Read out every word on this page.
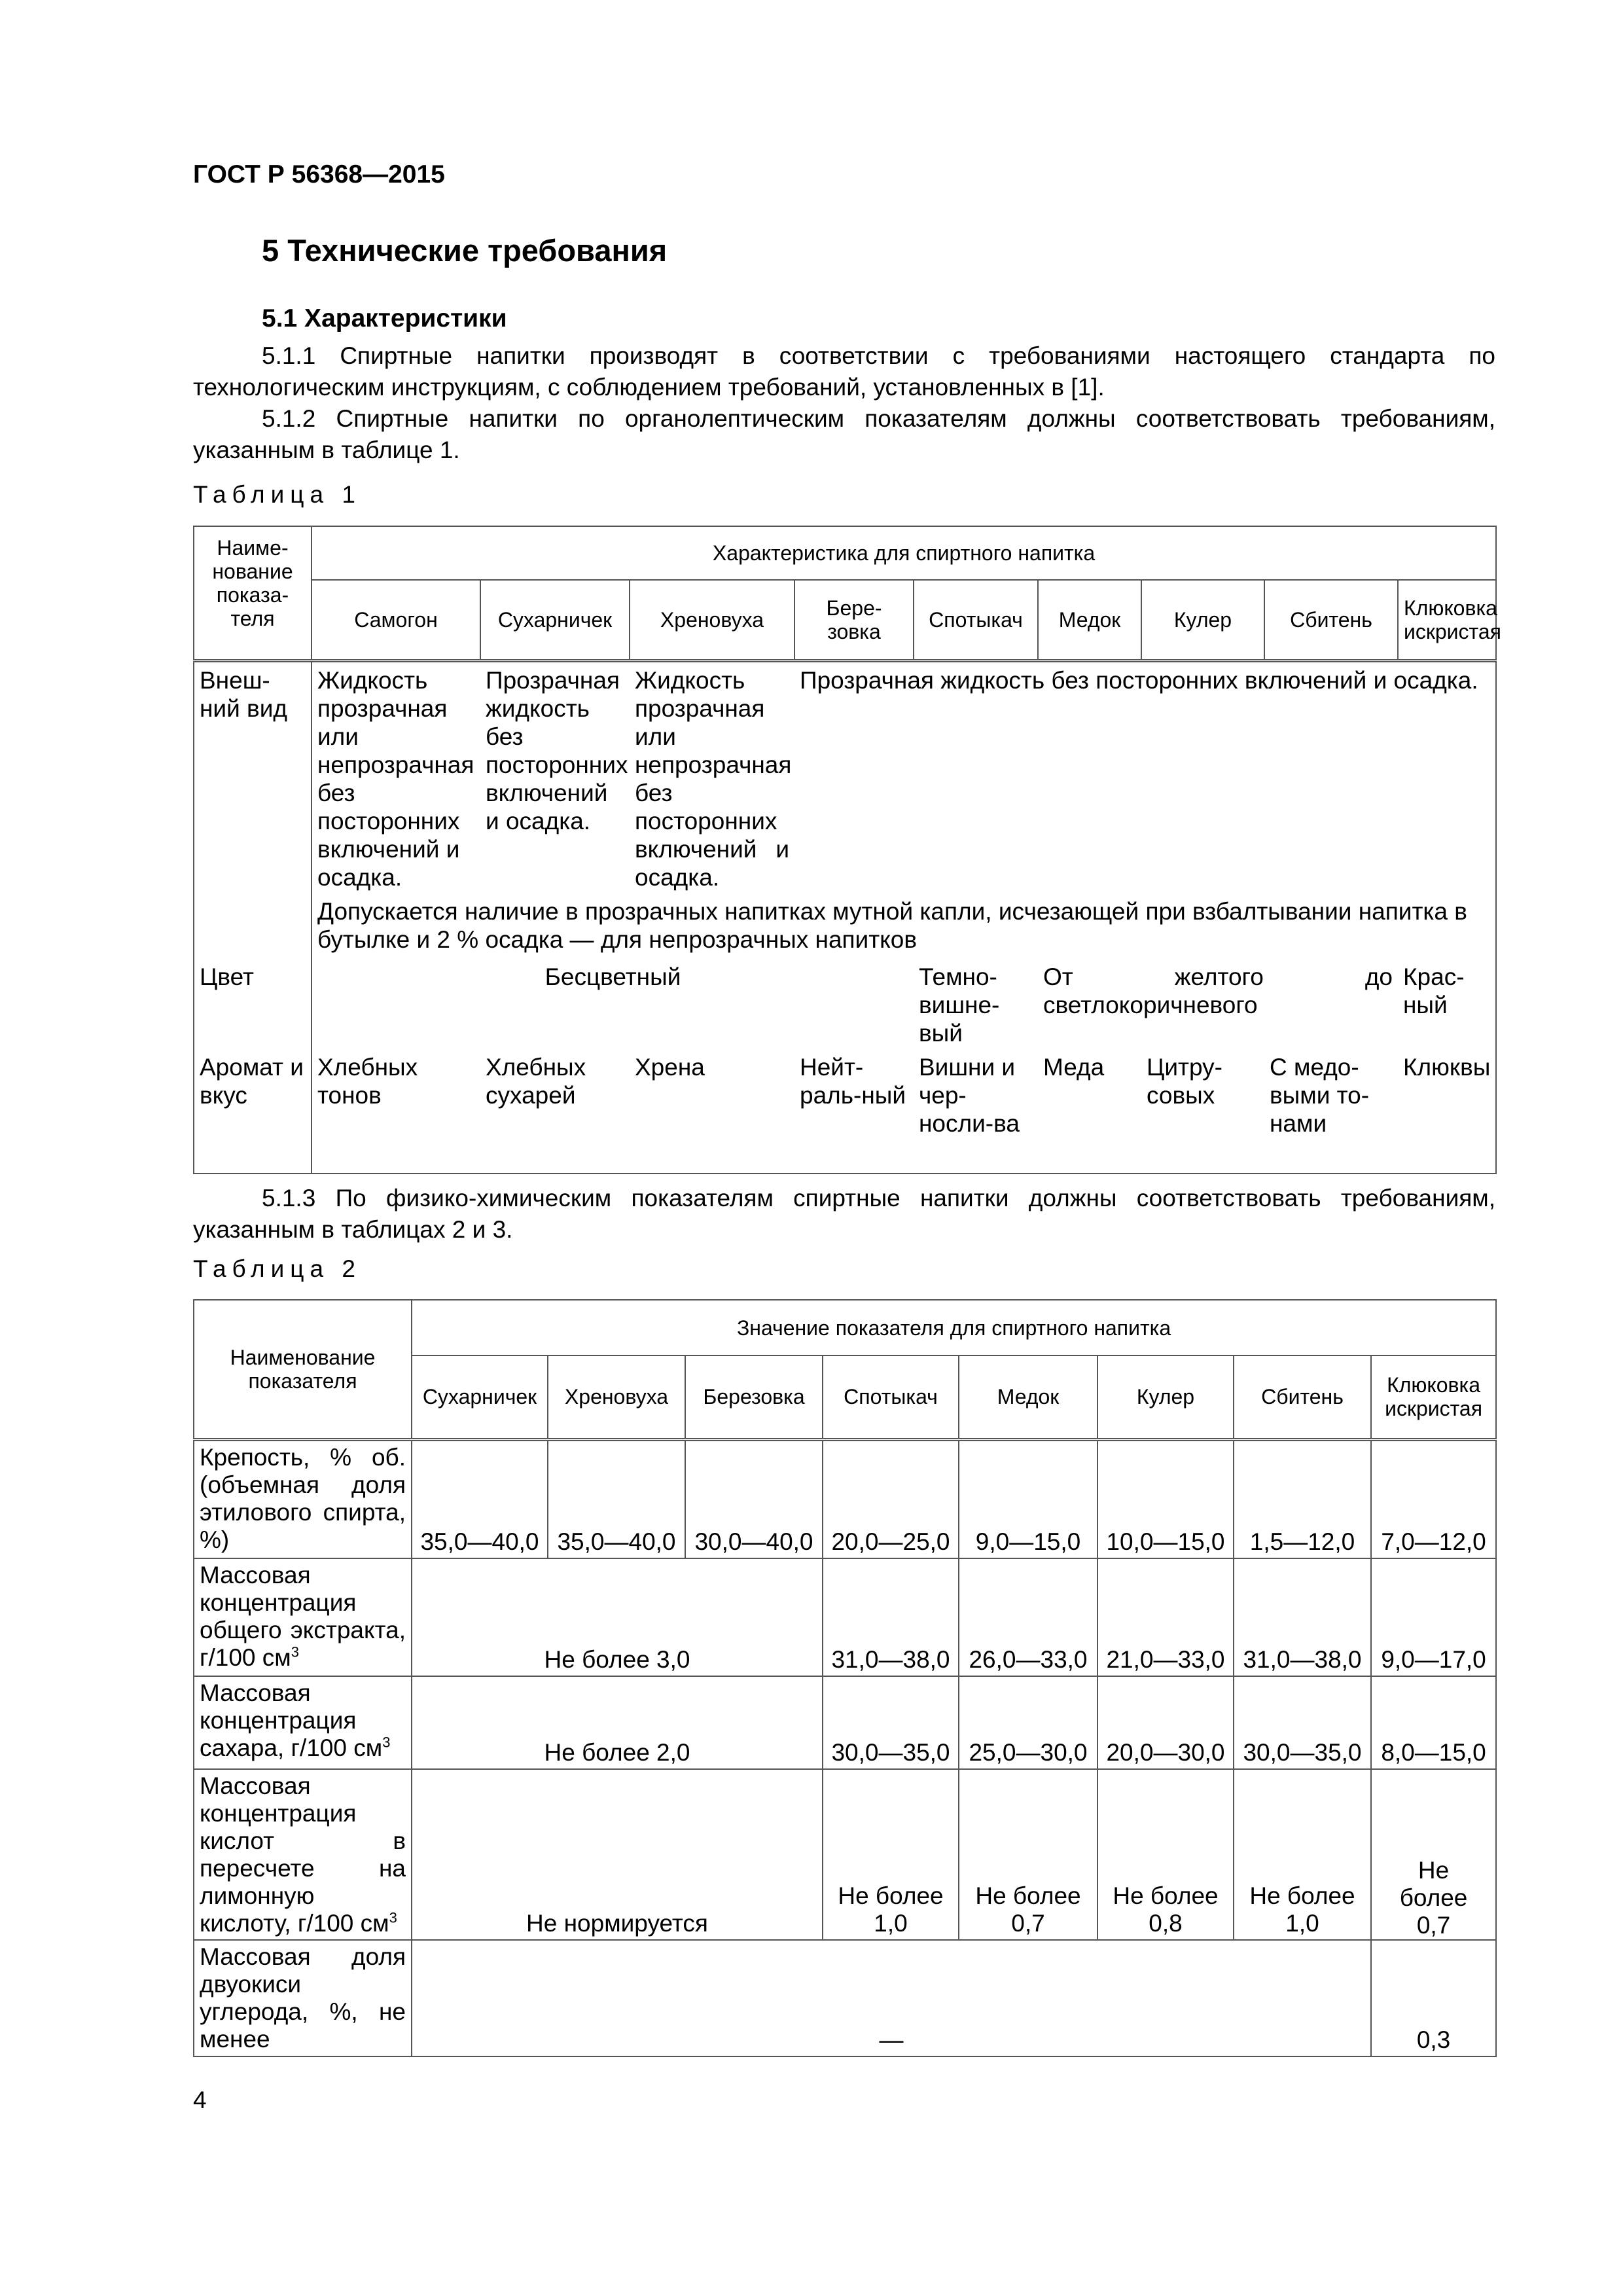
ГОСТ Р 56368—2015
5 Технические требования
5.1 Характеристики
5.1.1 Спиртные напитки производят в соответствии с требованиями настоящего стандарта по технологическим инструкциям, с соблюдением требований, установленных в [1].
5.1.2 Спиртные напитки по органолептическим показателям должны соответствовать требованиям, указанным в таблице 1.
Таблица 1
Наиме-нование показа-теля	Характеристика для спиртного напитка								
	Самогон	Сухарничек	Хреновуха	Бере-зовка	Спотыкач	Медок	Кулер	Сбитень	Клюковка искристая
Внеш-ний вид	Жидкость прозрачная или непрозрачная без посторонних включений и осадка.	Прозрачная жидкость без посторонних включений и осадка.	Жидкость прозрачная или непрозрачная без посторонних включений и осадка.	Прозрачная жидкость без посторонних включений и осадка.					
	Допускается наличие в прозрачных напитках мутной капли, исчезающей при взбалтывании напитка в бутылке и 2 % осадка — для непрозрачных напитков								
Цвет	Бесцветный				Темно-вишне-вый	От желтого до светлокоричневого			Крас-ный
Аромат и вкус	Хлебных тонов	Хлебных сухарей	Хрена	Нейт-раль-ный	Вишни и чер-носли-ва	Меда	Цитру-совых	С медо-выми то-нами	Клюквы
5.1.3 По физико-химическим показателям спиртные напитки должны соответствовать требованиям, указанным в таблицах 2 и 3.
Таблица 2
Наименование показателя	Значение показателя для спиртного напитка							
	Сухарничек	Хреновуха	Березовка	Спотыкач	Медок	Кулер	Сбитень	Клюковка искристая
Крепость, % об. (объемная доля этилового спирта, %)	35,0—40,0	35,0—40,0	30,0—40,0	20,0—25,0	9,0—15,0	10,0—15,0	1,5—12,0	7,0—12,0
Массовая концентрация общего экстракта, г/100 $см^3$	Не более 3,0			31,0—38,0	26,0—33,0	21,0—33,0	31,0—38,0	9,0—17,0
Массовая концентрация сахара, г/100 $см^3$	Не более 2,0			30,0—35,0	25,0—30,0	20,0—30,0	30,0—35,0	8,0—15,0
Массовая концентрация кислот в пересчете на лимонную кислоту, г/100 $см^3$	Не нормируется			Не более 1,0	Не более 0,7	Не более 0,8	Не более 1,0	Не более 0,7
Массовая доля двуокиси углерода, %, не менее	—							0,3
4
